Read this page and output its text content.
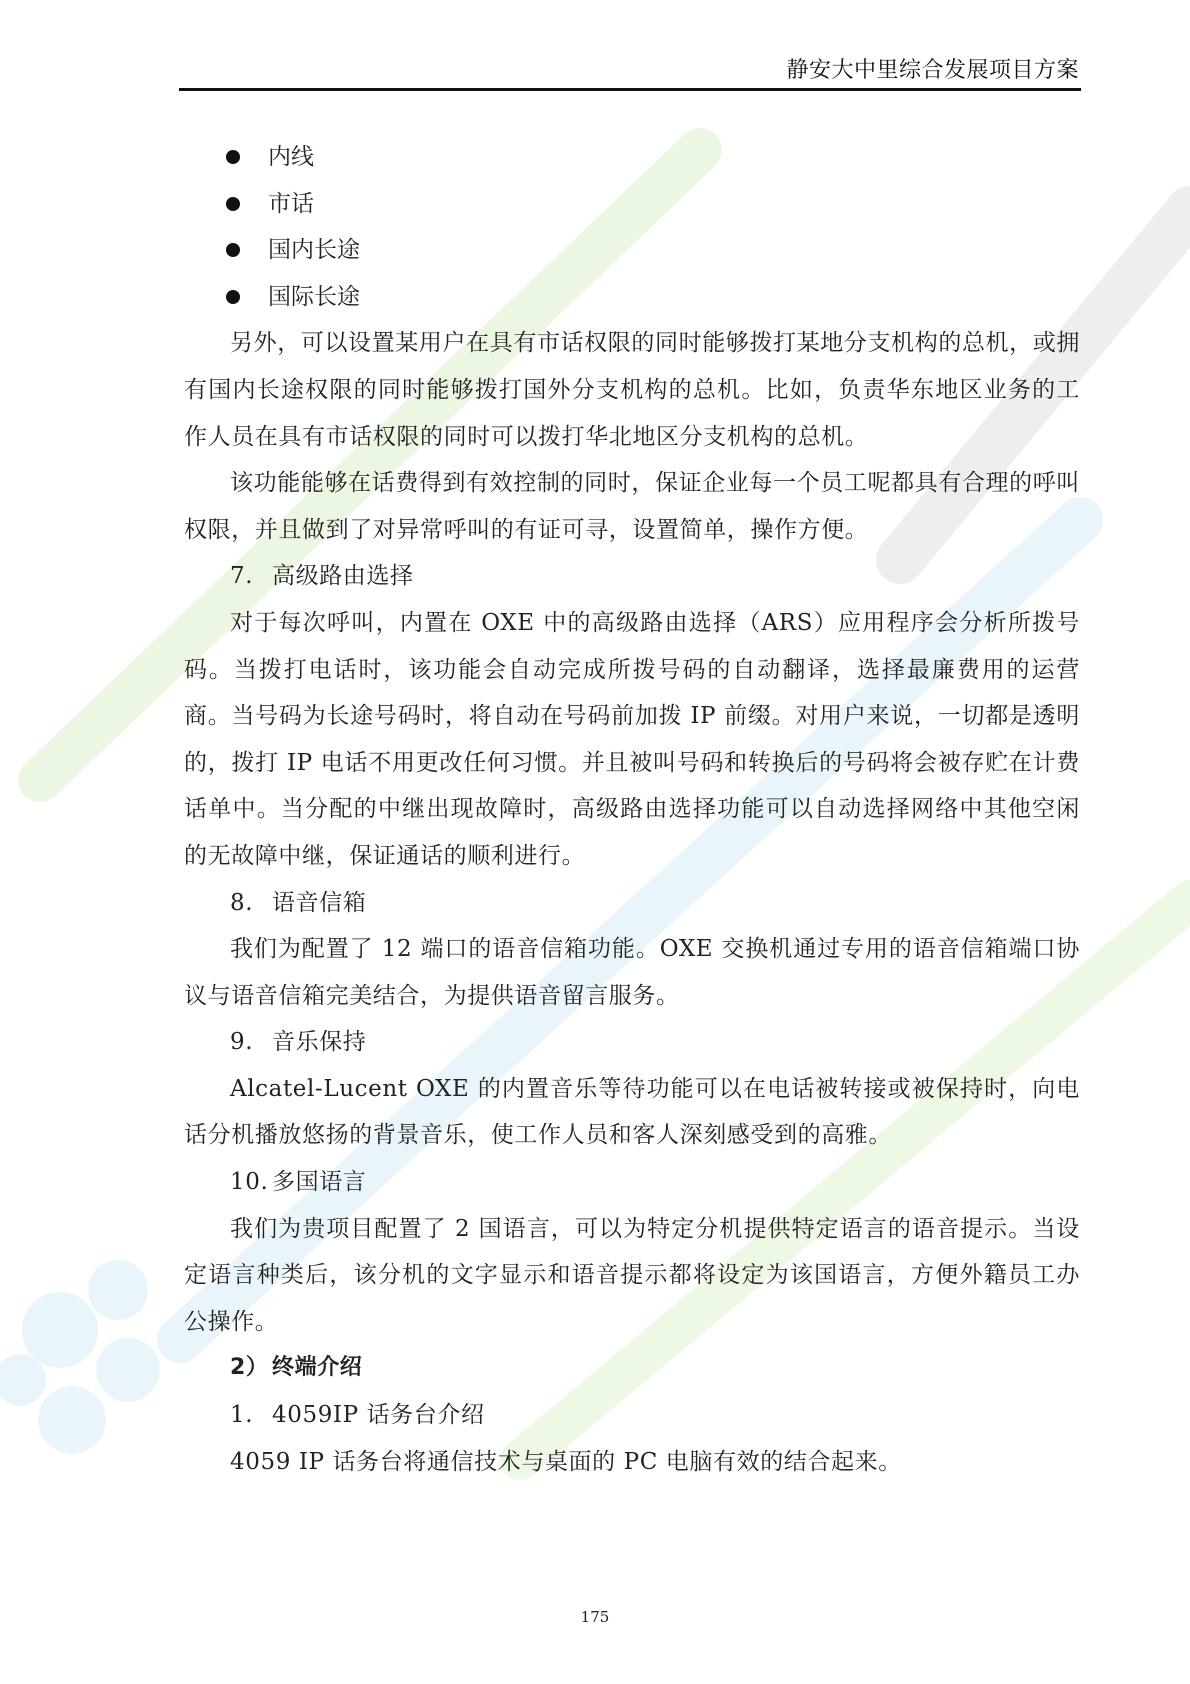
静安大中里综合发展项目方案
内线
市话
国内长途
国际长途

另外，可以设置某用户在具有市话权限的同时能够拨打某地分支机构的总机，或拥有国内长途权限的同时能够拨打国外分支机构的总机。比如，负责华东地区业务的工作人员在具有市话权限的同时可以拨打华北地区分支机构的总机。

该功能能够在话费得到有效控制的同时，保证企业每一个员工呢都具有合理的呼叫权限，并且做到了对异常呼叫的有证可寻，设置简单，操作方便。

7. 高级路由选择

对于每次呼叫，内置在 OXE 中的高级路由选择（ARS）应用程序会分析所拨号码。当拨打电话时，该功能会自动完成所拨号码的自动翻译，选择最廉费用的运营商。当号码为长途号码时，将自动在号码前加拨 IP 前缀。对用户来说，一切都是透明的，拨打 IP 电话不用更改任何习惯。并且被叫号码和转换后的号码将会被存贮在计费话单中。当分配的中继出现故障时，高级路由选择功能可以自动选择网络中其他空闲的无故障中继，保证通话的顺利进行。

8. 语音信箱

我们为配置了 12 端口的语音信箱功能。OXE 交换机通过专用的语音信箱端口协议与语音信箱完美结合，为提供语音留言服务。

9. 音乐保持

Alcatel-Lucent OXE 的内置音乐等待功能可以在电话被转接或被保持时，向电话分机播放悠扬的背景音乐，使工作人员和客人深刻感受到的高雅。

10. 多国语言

我们为贵项目配置了 2 国语言，可以为特定分机提供特定语言的语音提示。当设定语言种类后，该分机的文字显示和语音提示都将设定为该国语言，方便外籍员工办公操作。

2） 终端介绍

1. 4059IP 话务台介绍

4059 IP 话务台将通信技术与桌面的 PC 电脑有效的结合起来。

175
